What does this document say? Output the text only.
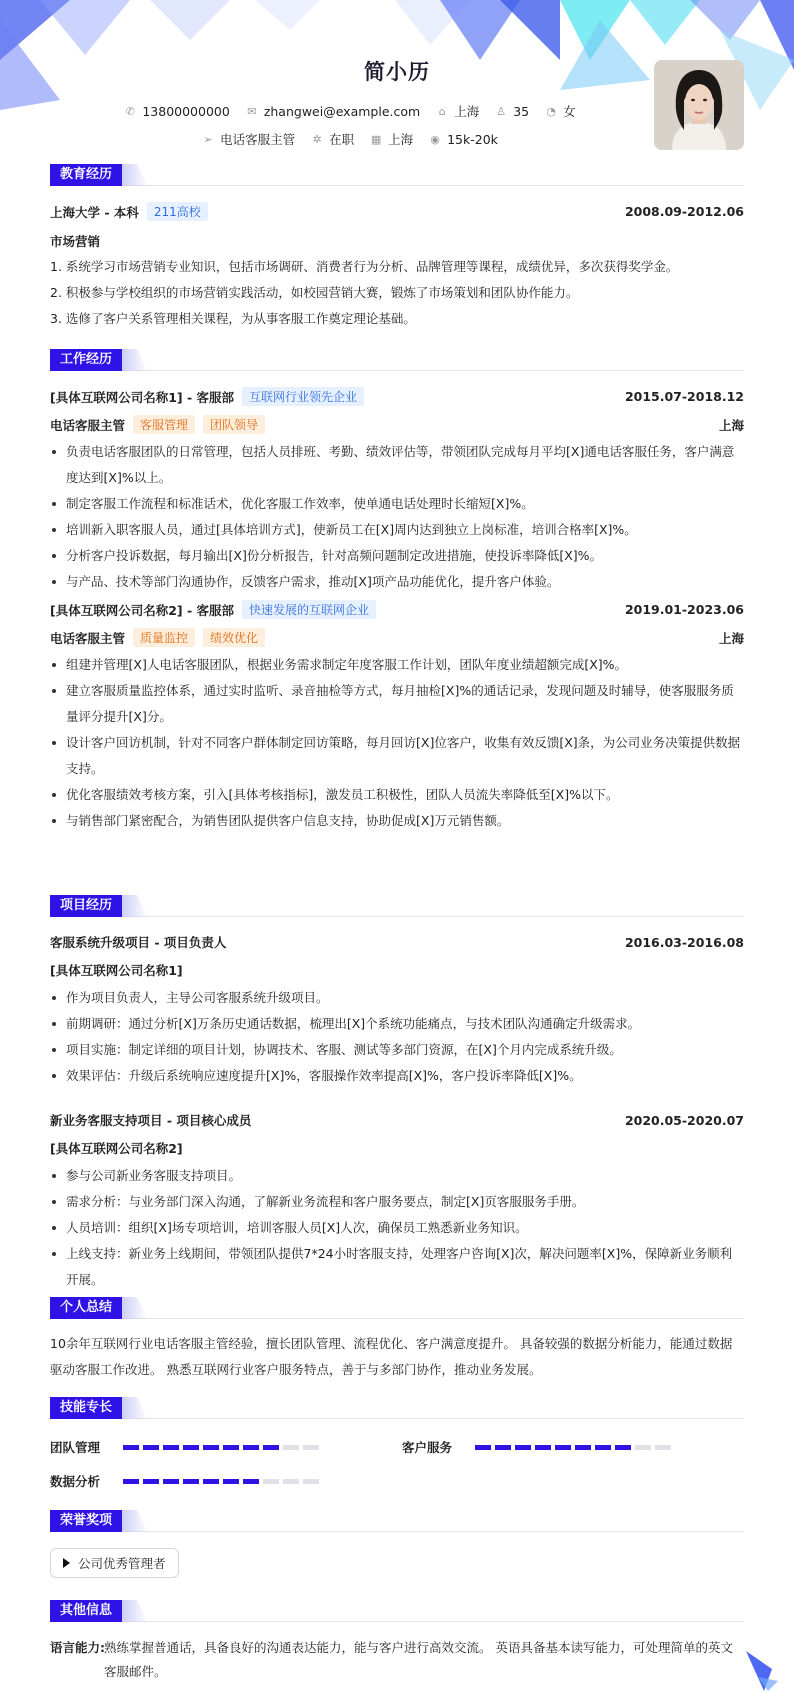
简小历
✆ 13800000000 ✉ zhangwei@example.com ⌂ 上海 ♙ 35 ◔ 女
➢ 电话客服主管 ✲ 在职 ▦ 上海 ◉ 15k-20k
教育经历
上海大学 - 本科	211高校	2008.09-2012.06
市场营销
1. 系统学习市场营销专业知识，包括市场调研、消费者行为分析、品牌管理等课程，成绩优异，多次获得奖学金。
2. 积极参与学校组织的市场营销实践活动，如校园营销大赛，锻炼了市场策划和团队协作能力。
3. 选修了客户关系管理相关课程，为从事客服工作奠定理论基础。
工作经历
[具体互联网公司名称1] - 客服部	互联网行业领先企业	2015.07-2018.12
电话客服主管	客服管理	团队领导	上海
负责电话客服团队的日常管理，包括人员排班、考勤、绩效评估等，带领团队完成每月平均[X]通电话客服任务，客户满意度达到[X]%以上。
制定客服工作流程和标准话术，优化客服工作效率，使单通电话处理时长缩短[X]%。
培训新入职客服人员，通过[具体培训方式]，使新员工在[X]周内达到独立上岗标准，培训合格率[X]%。
分析客户投诉数据，每月输出[X]份分析报告，针对高频问题制定改进措施，使投诉率降低[X]%。
与产品、技术等部门沟通协作，反馈客户需求，推动[X]项产品功能优化，提升客户体验。
[具体互联网公司名称2] - 客服部	快速发展的互联网企业	2019.01-2023.06
电话客服主管	质量监控	绩效优化	上海
组建并管理[X]人电话客服团队，根据业务需求制定年度客服工作计划，团队年度业绩超额完成[X]%。
建立客服质量监控体系，通过实时监听、录音抽检等方式，每月抽检[X]%的通话记录，发现问题及时辅导，使客服服务质量评分提升[X]分。
设计客户回访机制，针对不同客户群体制定回访策略，每月回访[X]位客户，收集有效反馈[X]条，为公司业务决策提供数据支持。
优化客服绩效考核方案，引入[具体考核指标]，激发员工积极性，团队人员流失率降低至[X]%以下。
与销售部门紧密配合，为销售团队提供客户信息支持，协助促成[X]万元销售额。
项目经历
客服系统升级项目 - 项目负责人	2016.03-2016.08
[具体互联网公司名称1]
作为项目负责人，主导公司客服系统升级项目。
前期调研：通过分析[X]万条历史通话数据，梳理出[X]个系统功能痛点，与技术团队沟通确定升级需求。
项目实施：制定详细的项目计划，协调技术、客服、测试等多部门资源，在[X]个月内完成系统升级。
效果评估：升级后系统响应速度提升[X]%，客服操作效率提高[X]%，客户投诉率降低[X]%。
新业务客服支持项目 - 项目核心成员	2020.05-2020.07
[具体互联网公司名称2]
参与公司新业务客服支持项目。
需求分析：与业务部门深入沟通，了解新业务流程和客户服务要点，制定[X]页客服服务手册。
人员培训：组织[X]场专项培训，培训客服人员[X]人次，确保员工熟悉新业务知识。
上线支持：新业务上线期间，带领团队提供7*24小时客服支持，处理客户咨询[X]次，解决问题率[X]%，保障新业务顺利开展。
个人总结
10余年互联网行业电话客服主管经验，擅长团队管理、流程优化、客户满意度提升。 具备较强的数据分析能力，能通过数据驱动客服工作改进。 熟悉互联网行业客户服务特点，善于与多部门协作，推动业务发展。
技能专长
团队管理	客户服务
数据分析
荣誉奖项
公司优秀管理者
其他信息
语言能力: 熟练掌握普通话，具备良好的沟通表达能力，能与客户进行高效交流。 英语具备基本读写能力，可处理简单的英文客服邮件。
